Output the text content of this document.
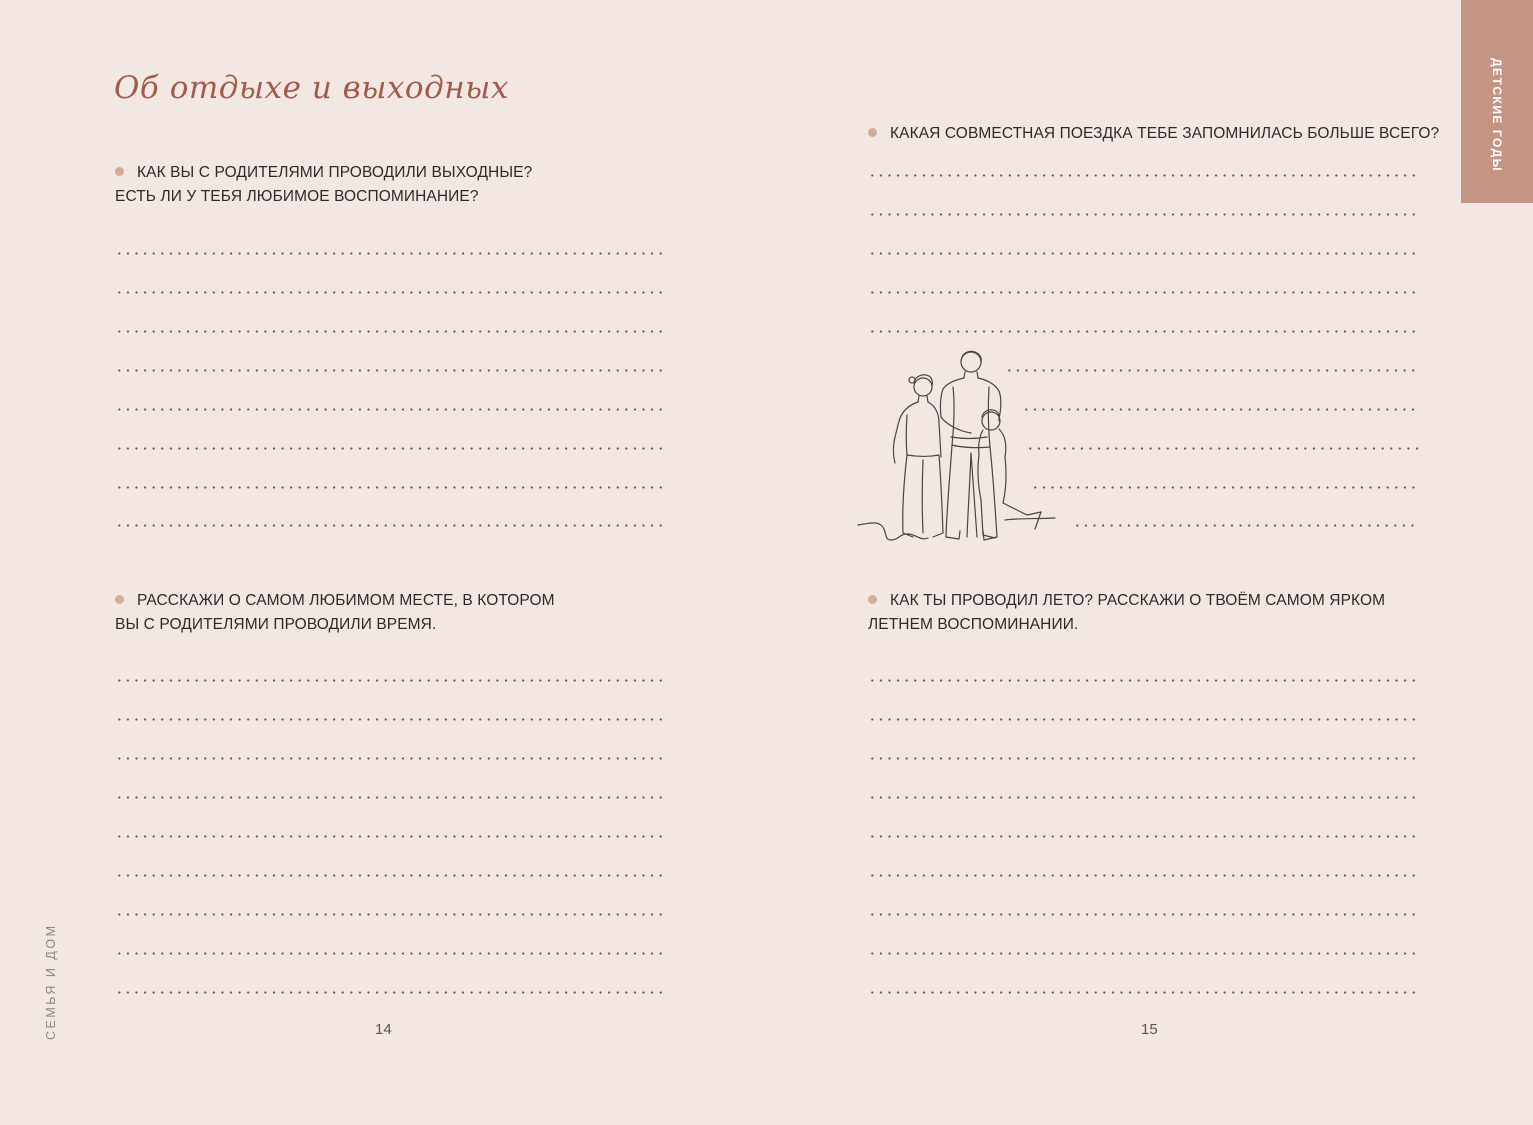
Об отдыхе и выходных	ДЕТСКИЕ ГОДЫ
СЕМЬЯ И ДОМ
КАК ВЫ С РОДИТЕЛЯМИ ПРОВОДИЛИ ВЫХОДНЫЕ?
ЕСТЬ ЛИ У ТЕБЯ ЛЮБИМОЕ ВОСПОМИНАНИЕ?
РАССКАЖИ О САМОМ ЛЮБИМОМ МЕСТЕ, В КОТОРОМ
ВЫ С РОДИТЕЛЯМИ ПРОВОДИЛИ ВРЕМЯ.
КАКАЯ СОВМЕСТНАЯ ПОЕЗДКА ТЕБЕ ЗАПОМНИЛАСЬ БОЛЬШЕ ВСЕГО?
КАК ТЫ ПРОВОДИЛ ЛЕТО? РАССКАЖИ О ТВОЁМ САМОМ ЯРКОМ
ЛЕТНЕМ ВОСПОМИНАНИИ.
14	15
